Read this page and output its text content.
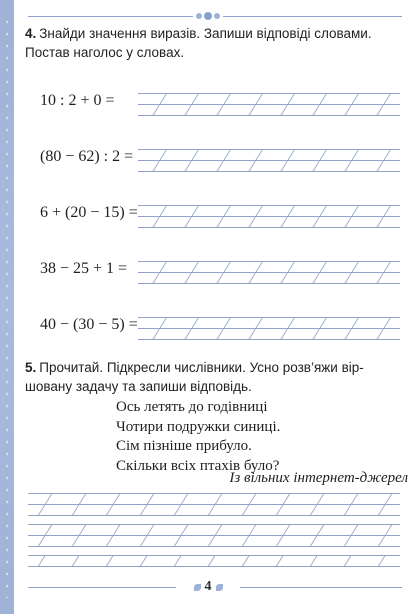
4. Знайди значення виразів. Запиши відповіді словами.
Постав наголос у словах.
10 : 2 + 0 =
(80 − 62) : 2 =
6 + (20 − 15) =
38 − 25 + 1 =
40 − (30 − 5) =
5. Прочитай. Підкресли числівники. Усно розв’яжи вір-
шовану задачу та запиши відповідь.
Ось летять до годівниці
Чотири подружки синиці.
Сім пізніше прибуло.
Скільки всіх птахів було?
Із вільних інтернет-джерел
4
